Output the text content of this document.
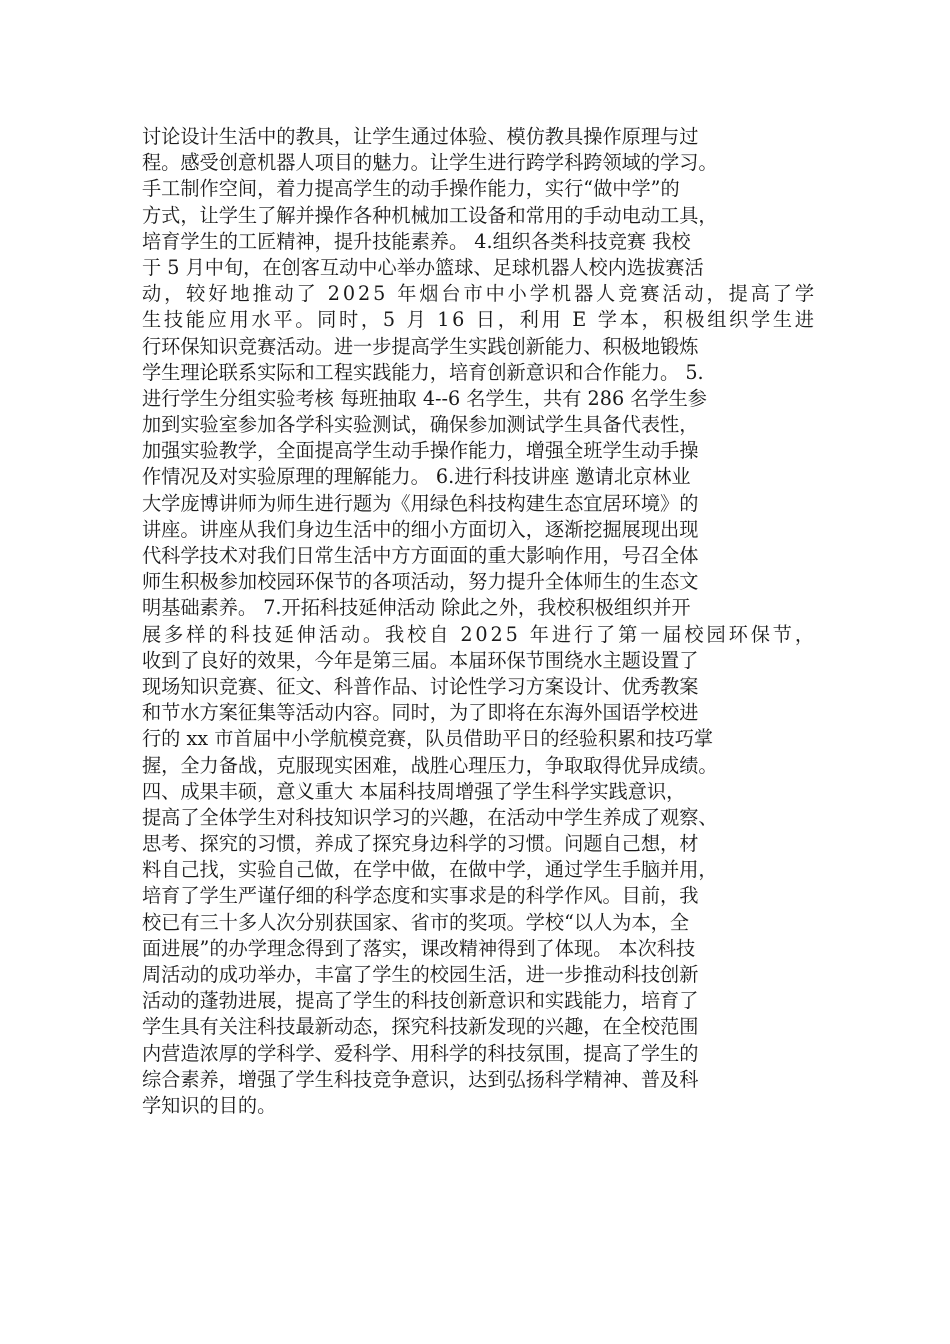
讨论设计生活中的教具，让学生通过体验、模仿教具操作原理与过
程。感受创意机器人项目的魅力。让学生进行跨学科跨领域的学习。
手工制作空间，着力提高学生的动手操作能力，实行“做中学”的
方式，让学生了解并操作各种机械加工设备和常用的手动电动工具，
培育学生的工匠精神，提升技能素养。 4.组织各类科技竞赛 我校
于 5 月中旬，在创客互动中心举办篮球、足球机器人校内选拔赛活
动，较好地推动了 2025 年烟台市中小学机器人竞赛活动，提高了学
生技能应用水平。同时，5 月 16 日，利用 E 学本，积极组织学生进
行环保知识竞赛活动。进一步提高学生实践创新能力、积极地锻炼
学生理论联系实际和工程实践能力，培育创新意识和合作能力。 5.
进行学生分组实验考核 每班抽取 4--6 名学生，共有 286 名学生参
加到实验室参加各学科实验测试，确保参加测试学生具备代表性，
加强实验教学，全面提高学生动手操作能力，增强全班学生动手操
作情况及对实验原理的理解能力。 6.进行科技讲座 邀请北京林业
大学庞博讲师为师生进行题为《用绿色科技构建生态宜居环境》的
讲座。讲座从我们身边生活中的细小方面切入，逐渐挖掘展现出现
代科学技术对我们日常生活中方方面面的重大影响作用，号召全体
师生积极参加校园环保节的各项活动，努力提升全体师生的生态文
明基础素养。 7.开拓科技延伸活动 除此之外，我校积极组织并开
展多样的科技延伸活动。我校自 2025 年进行了第一届校园环保节，
收到了良好的效果，今年是第三届。本届环保节围绕水主题设置了
现场知识竞赛、征文、科普作品、讨论性学习方案设计、优秀教案
和节水方案征集等活动内容。同时，为了即将在东海外国语学校进
行的 xx 市首届中小学航模竞赛，队员借助平日的经验积累和技巧掌
握，全力备战，克服现实困难，战胜心理压力，争取取得优异成绩。
四、成果丰硕，意义重大 本届科技周增强了学生科学实践意识，
提高了全体学生对科技知识学习的兴趣，在活动中学生养成了观察、
思考、探究的习惯，养成了探究身边科学的习惯。问题自己想，材
料自己找，实验自己做，在学中做，在做中学，通过学生手脑并用，
培育了学生严谨仔细的科学态度和实事求是的科学作风。目前，我
校已有三十多人次分别获国家、省市的奖项。学校“以人为本，全
面进展”的办学理念得到了落实，课改精神得到了体现。 本次科技
周活动的成功举办，丰富了学生的校园生活，进一步推动科技创新
活动的蓬勃进展，提高了学生的科技创新意识和实践能力，培育了
学生具有关注科技最新动态，探究科技新发现的兴趣，在全校范围
内营造浓厚的学科学、爱科学、用科学的科技氛围，提高了学生的
综合素养，增强了学生科技竞争意识，达到弘扬科学精神、普及科
学知识的目的。
